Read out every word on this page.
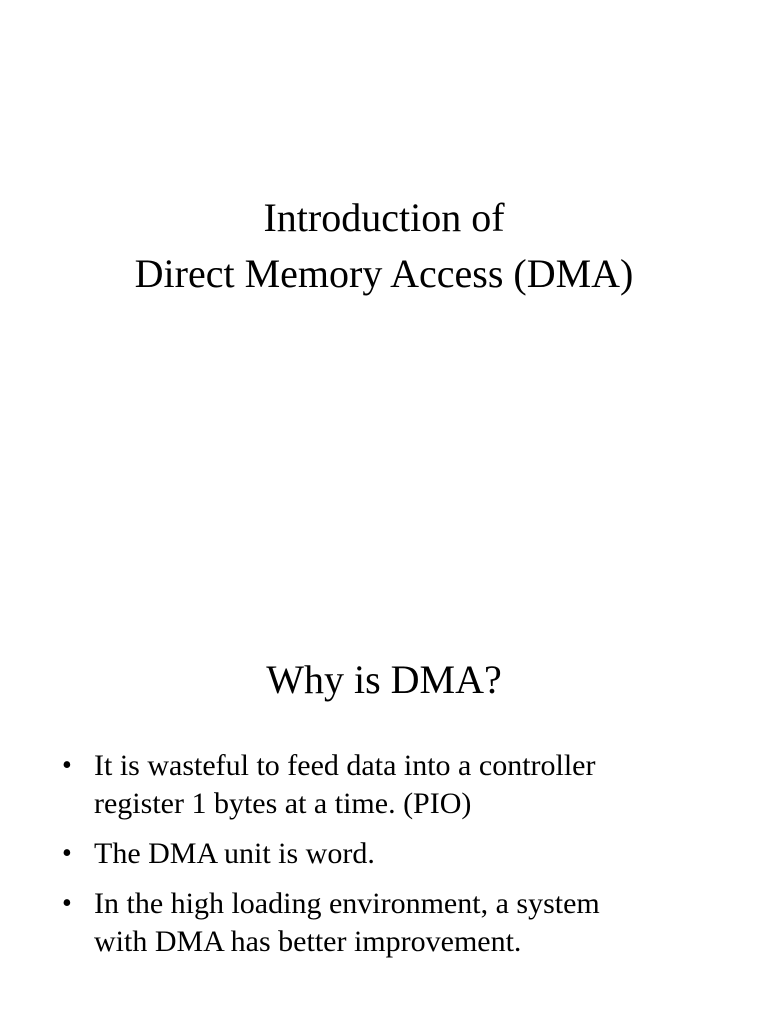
Introduction of
Direct Memory Access (DMA)
Why is DMA?
• It is wasteful to feed data into a controller
register 1 bytes at a time. (PIO)
• The DMA unit is word.
• In the high loading environment, a system
with DMA has better improvement.
